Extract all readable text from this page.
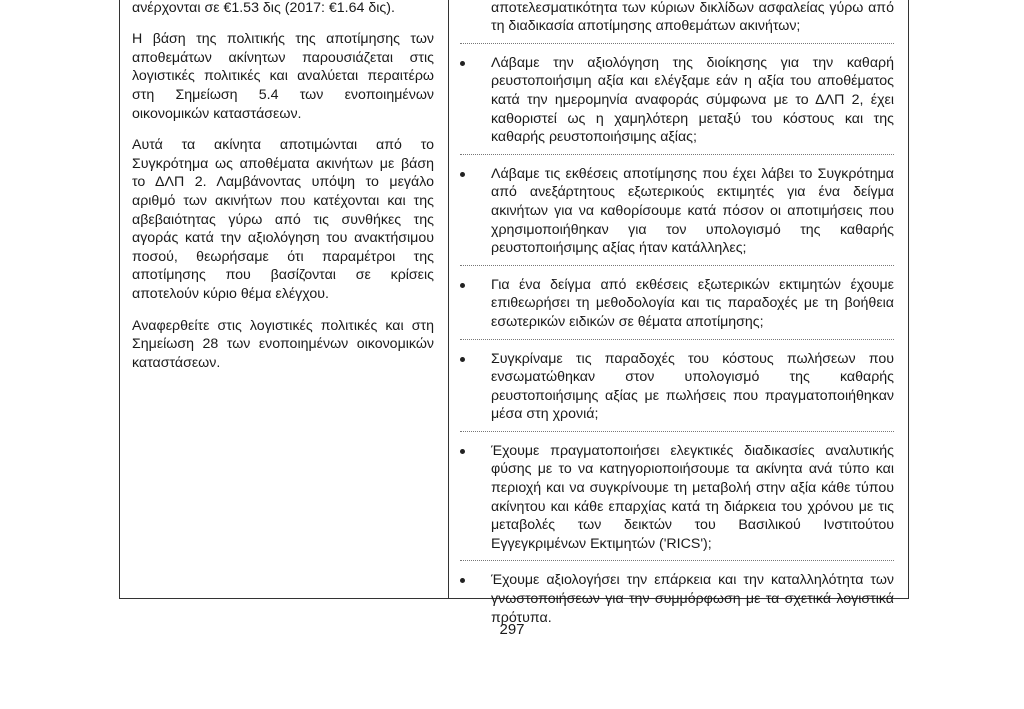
ανέρχονται σε €1.53 δις (2017: €1.64 δις).

Η βάση της πολιτικής της αποτίμησης των αποθεμάτων ακίνητων παρουσιάζεται στις λογιστικές πολιτικές και αναλύεται περαιτέρω στη Σημείωση 5.4 των ενοποιημένων οικονομικών καταστάσεων.

Αυτά τα ακίνητα αποτιμώνται από το Συγκρότημα ως αποθέματα ακινήτων με βάση το ΔΛΠ 2. Λαμβάνοντας υπόψη το μεγάλο αριθμό των ακινήτων που κατέχονται και της αβεβαιότητας γύρω από τις συνθήκες της αγοράς κατά την αξιολόγηση του ανακτήσιμου ποσού, θεωρήσαμε ότι παραμέτροι της αποτίμησης που βασίζονται σε κρίσεις αποτελούν κύριο θέμα ελέγχου.

Αναφερθείτε στις λογιστικές πολιτικές και στη Σημείωση 28 των ενοποιημένων οικονομικών καταστάσεων.

αποτελεσματικότητα των κύριων δικλίδων ασφαλείας γύρω από τη διαδικασία αποτίμησης αποθεμάτων ακινήτων;
Λάβαμε την αξιολόγηση της διοίκησης για την καθαρή ρευστοποιήσιμη αξία και ελέγξαμε εάν η αξία του αποθέματος κατά την ημερομηνία αναφοράς σύμφωνα με το ΔΛΠ 2, έχει καθοριστεί ως η χαμηλότερη μεταξύ του κόστους και της καθαρής ρευστοποιήσιμης αξίας;
Λάβαμε τις εκθέσεις αποτίμησης που έχει λάβει το Συγκρότημα από ανεξάρτητους εξωτερικούς εκτιμητές για ένα δείγμα ακινήτων για να καθορίσουμε κατά πόσον οι αποτιμήσεις που χρησιμοποιήθηκαν για τον υπολογισμό της καθαρής ρευστοποιήσιμης αξίας ήταν κατάλληλες;
Για ένα δείγμα από εκθέσεις εξωτερικών εκτιμητών έχουμε επιθεωρήσει τη μεθοδολογία και τις παραδοχές με τη βοήθεια εσωτερικών ειδικών σε θέματα αποτίμησης;
Συγκρίναμε τις παραδοχές του κόστους πωλήσεων που ενσωματώθηκαν στον υπολογισμό της καθαρής ρευστοποιήσιμης αξίας με πωλήσεις που πραγματοποιήθηκαν μέσα στη χρονιά;
Έχουμε πραγματοποιήσει ελεγκτικές διαδικασίες αναλυτικής φύσης με το να κατηγοριοποιήσουμε τα ακίνητα ανά τύπο και περιοχή και να συγκρίνουμε τη μεταβολή στην αξία κάθε τύπου ακίνητου και κάθε επαρχίας κατά τη διάρκεια του χρόνου με τις μεταβολές των δεικτών του Βασιλικού Ινστιτούτου Εγγεγκριμένων Εκτιμητών ('RICS');
Έχουμε αξιολογήσει την επάρκεια και την καταλληλότητα των γνωστοποιήσεων για την συμμόρφωση με τα σχετικά λογιστικά πρότυπα.
297
